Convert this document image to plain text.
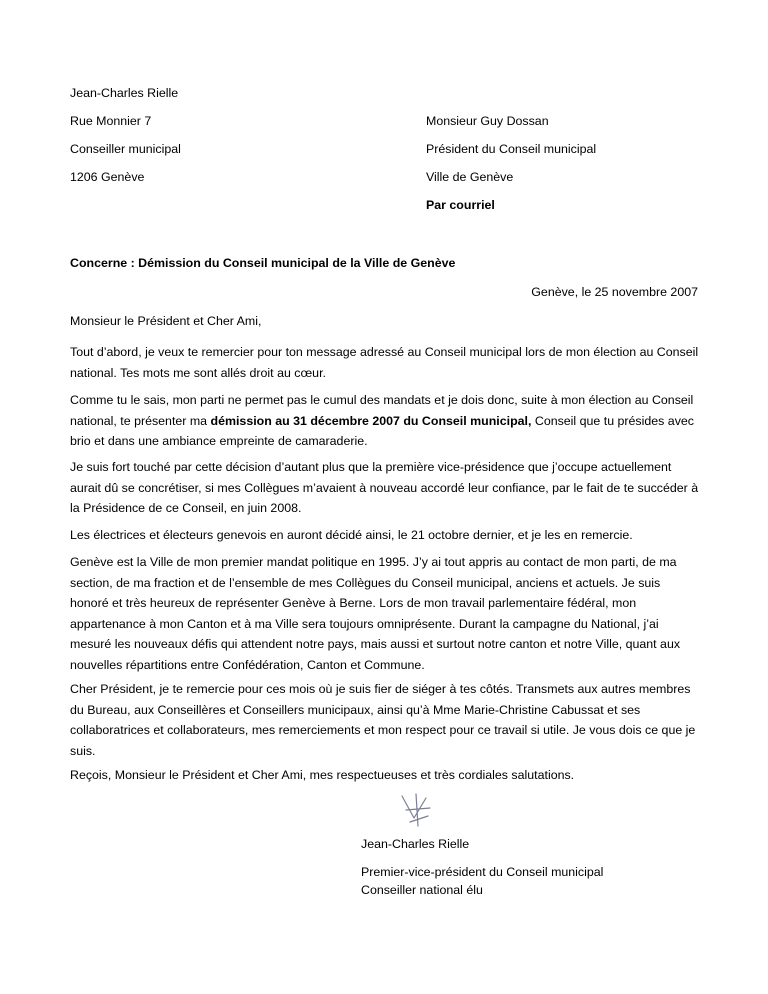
Jean-Charles Rielle
Rue Monnier 7
Conseiller municipal
1206 Genève
Monsieur Guy Dossan
Président du Conseil municipal
Ville de Genève
Par courriel
Concerne : Démission du Conseil municipal de la Ville de Genève
Genève, le 25 novembre 2007
Monsieur le Président et Cher Ami,
Tout d’abord, je veux te remercier pour ton message adressé au Conseil municipal lors de mon élection au Conseil national. Tes mots me sont allés droit au cœur.
Comme tu le sais, mon parti ne permet pas le cumul des mandats et je dois donc, suite à mon élection au Conseil national, te présenter ma démission au 31 décembre 2007 du Conseil municipal, Conseil que tu présides avec brio et dans une ambiance empreinte de camaraderie.
Je suis fort touché par cette décision d’autant plus que la première vice-présidence que j’occupe actuellement aurait dû se concrétiser, si mes Collègues m’avaient à nouveau accordé leur confiance, par le fait de te succéder à la Présidence de ce Conseil, en juin 2008.
Les électrices et électeurs genevois en auront décidé ainsi, le 21 octobre dernier, et je les en remercie.
Genève est la Ville de mon premier mandat politique en 1995. J’y ai tout appris au contact de mon parti, de ma section, de ma fraction et de l’ensemble de mes Collègues du Conseil municipal, anciens et actuels. Je suis honoré et très heureux de représenter Genève à Berne. Lors de mon travail parlementaire fédéral, mon appartenance à mon Canton et à ma Ville sera toujours omniprésente. Durant la campagne du National, j’ai mesuré les nouveaux défis qui attendent notre pays, mais aussi et surtout notre canton et notre Ville, quant aux nouvelles répartitions entre Confédération, Canton et Commune.
Cher Président, je te remercie pour ces mois où je suis fier de siéger à tes côtés. Transmets aux autres membres du Bureau, aux Conseillères et Conseillers municipaux, ainsi qu’à Mme Marie-Christine Cabussat et ses collaboratrices et collaborateurs, mes remerciements et mon respect pour ce travail si utile. Je vous dois ce que je suis.
Reçois, Monsieur le Président et Cher Ami, mes respectueuses et très cordiales salutations.
Jean-Charles Rielle
Premier-vice-président du Conseil municipal
Conseiller national élu
